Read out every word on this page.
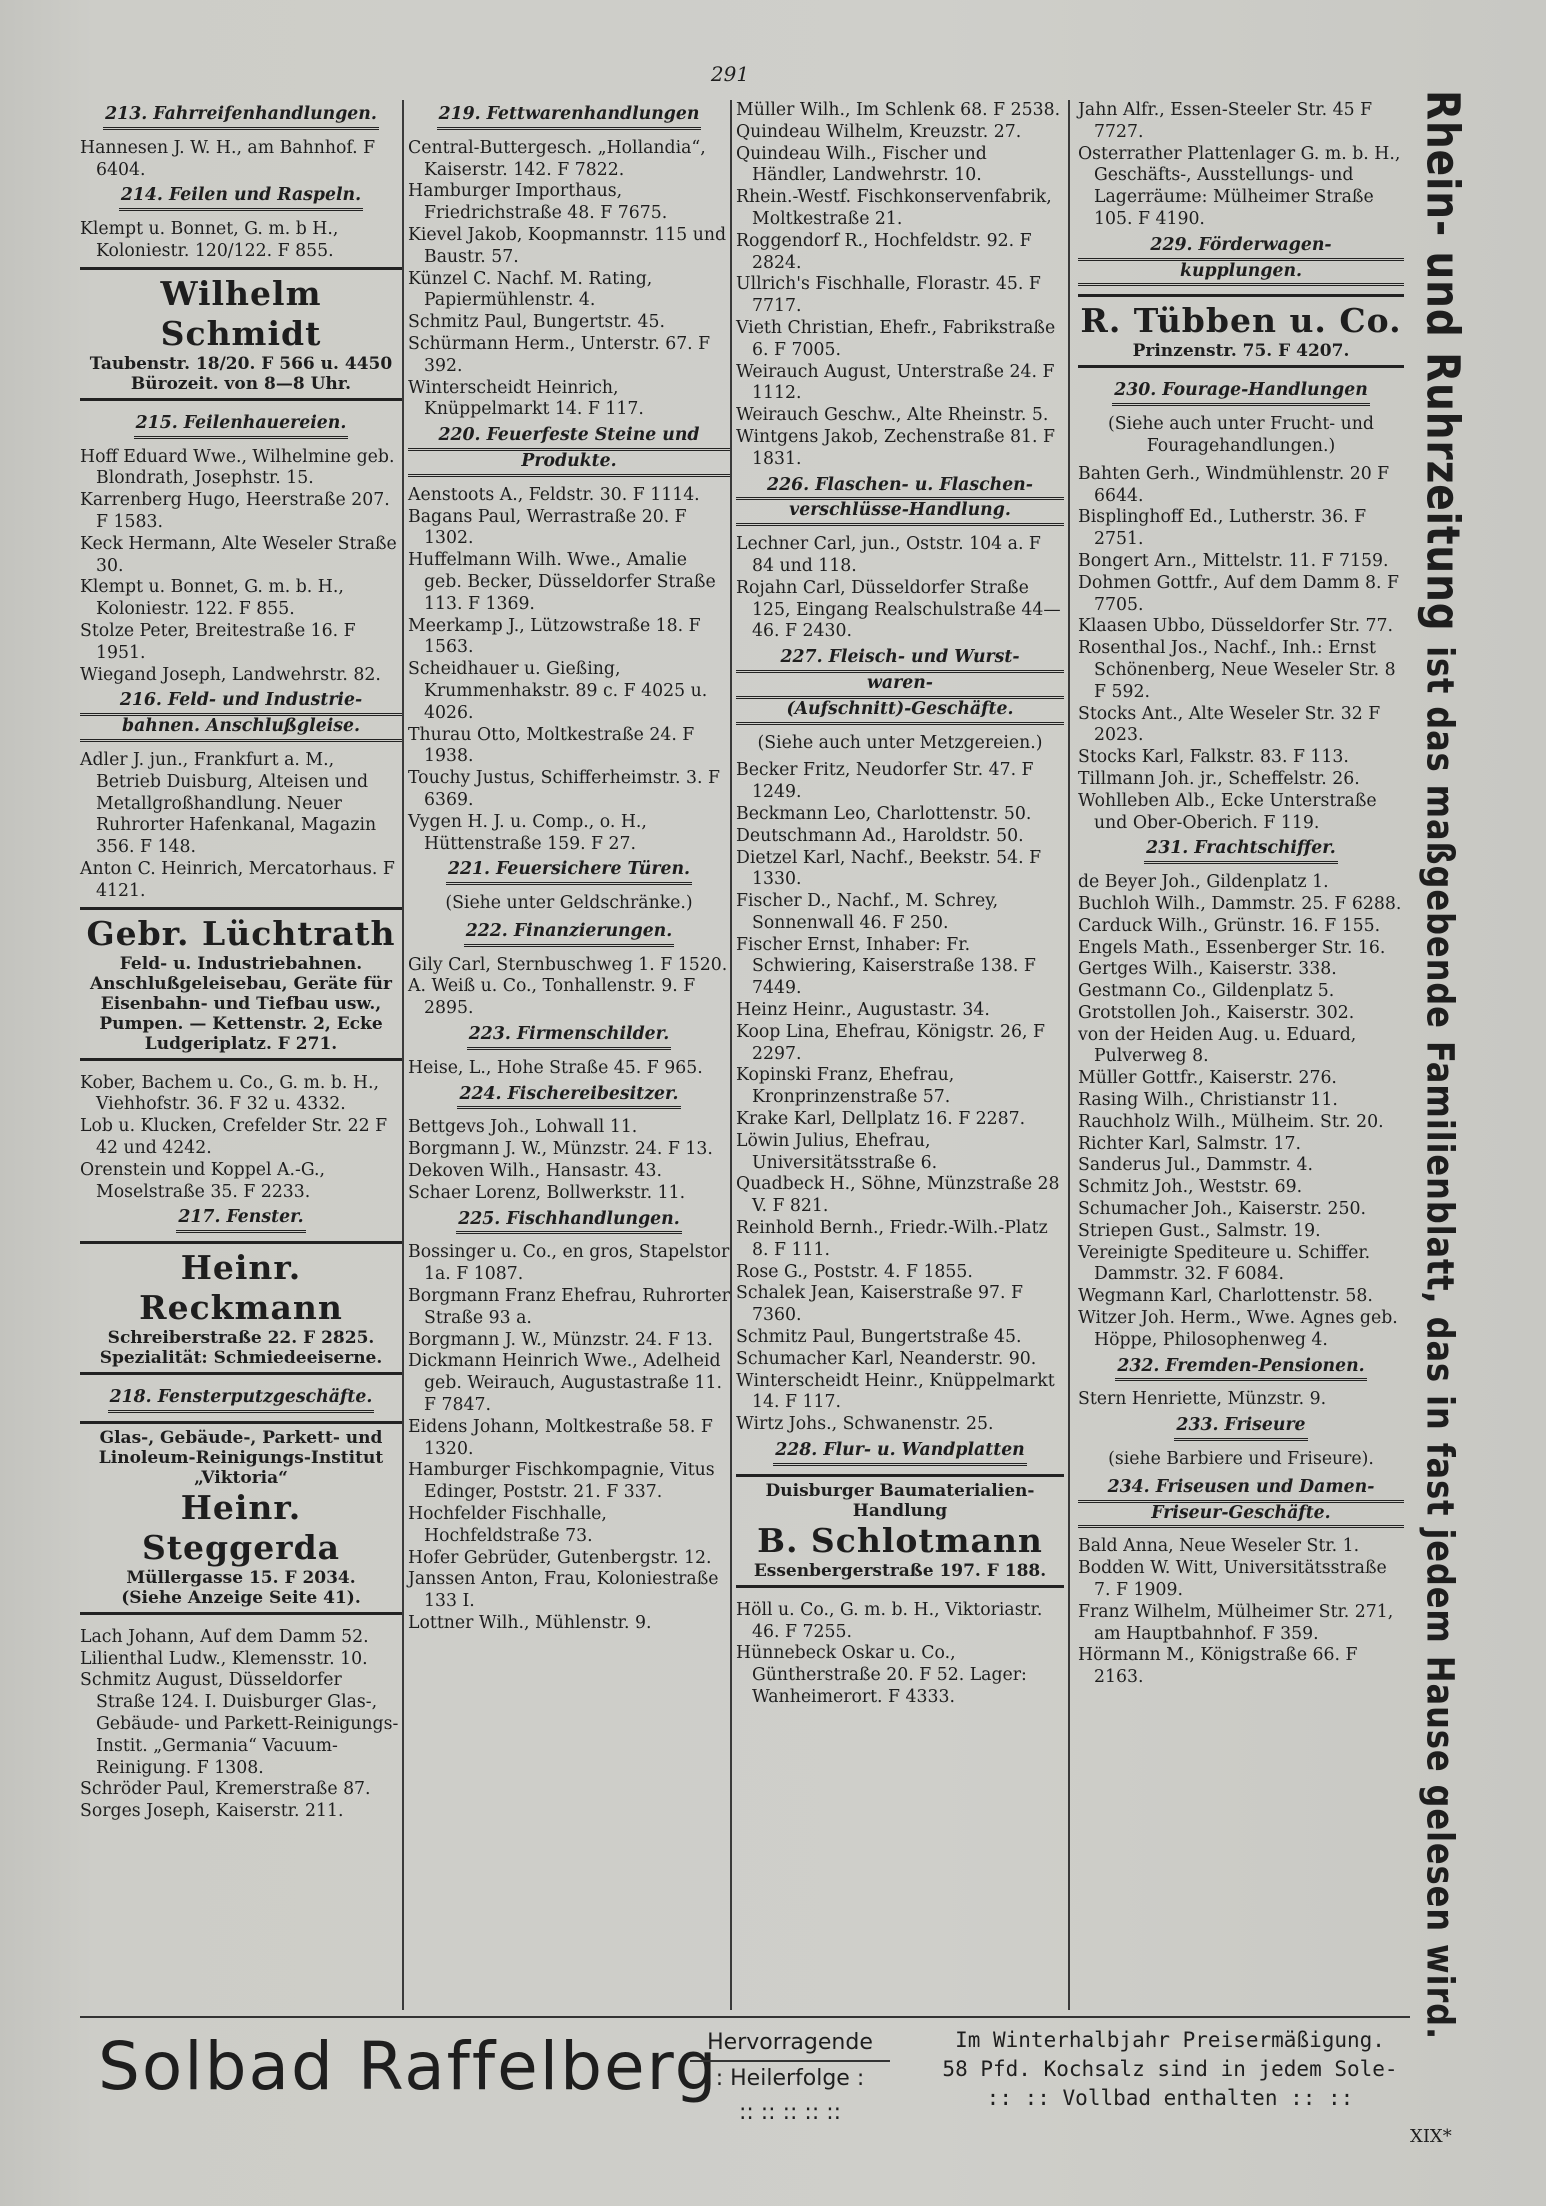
291
213. Fahrreifenhandlungen.

Hannesen J. W. H., am Bahnhof. F 6404.

214. Feilen und Raspeln.

Klempt u. Bonnet, G. m. b H., Koloniestr. 120/122. F 855.

Wilhelm Schmidt
Taubenstr. 18/20. F 566 u. 4450
Bürozeit. von 8—8 Uhr.
215. Feilenhauereien.

Hoff Eduard Wwe., Wilhelmine geb. Blondrath, Josephstr. 15.

Karrenberg Hugo, Heerstraße 207. F 1583.

Keck Hermann, Alte Weseler Straße 30.

Klempt u. Bonnet, G. m. b. H., Koloniestr. 122. F 855.

Stolze Peter, Breitestraße 16. F 1951.

Wiegand Joseph, Landwehrstr. 82.

216. Feld- und Industrie-
bahnen. Anschlußgleise.

Adler J. jun., Frankfurt a. M., Betrieb Duisburg, Alteisen und Metallgroßhandlung. Neuer Ruhrorter Hafenkanal, Magazin 356. F 148.

Anton C. Heinrich, Mercatorhaus. F 4121.

Gebr. Lüchtrath
Feld- u. Industriebahnen. Anschlußgeleisebau, Geräte für Eisenbahn- und Tiefbau usw., Pumpen. — Kettenstr. 2, Ecke Ludgeriplatz. F 271.

Kober, Bachem u. Co., G. m. b. H., Viehhofstr. 36. F 32 u. 4332.

Lob u. Klucken, Crefelder Str. 22 F 42 und 4242.

Orenstein und Koppel A.-G., Moselstraße 35. F 2233.

217. Fenster.
Heinr. Reckmann
Schreiberstraße 22. F 2825.
Spezialität: Schmiedeeiserne.
218. Fensterputzgeschäfte.
Glas-, Gebäude-, Parkett- und Linoleum-Reinigungs-Institut „Viktoria“
Heinr. Steggerda
Müllergasse 15. F 2034.
(Siehe Anzeige Seite 41).

Lach Johann, Auf dem Damm 52.

Lilienthal Ludw., Klemensstr. 10.

Schmitz August, Düsseldorfer Straße 124. I. Duisburger Glas-, Gebäude- und Parkett-Reinigungs-Instit. „Germania“ Vacuum-Reinigung. F 1308.

Schröder Paul, Kremerstraße 87.

Sorges Joseph, Kaiserstr. 211.

219. Fettwarenhandlungen

Central-Buttergesch. „Hollandia“, Kaiserstr. 142. F 7822.

Hamburger Importhaus, Friedrichstraße 48. F 7675.

Kievel Jakob, Koopmannstr. 115 und Baustr. 57.

Künzel C. Nachf. M. Rating, Papiermühlenstr. 4.

Schmitz Paul, Bungertstr. 45.

Schürmann Herm., Unterstr. 67. F 392.

Winterscheidt Heinrich, Knüppelmarkt 14. F 117.

220. Feuerfeste Steine und
Produkte.

Aenstoots A., Feldstr. 30. F 1114.

Bagans Paul, Werrastraße 20. F 1302.

Huffelmann Wilh. Wwe., Amalie geb. Becker, Düsseldorfer Straße 113. F 1369.

Meerkamp J., Lützowstraße 18. F 1563.

Scheidhauer u. Gießing, Krummenhakstr. 89 c. F 4025 u. 4026.

Thurau Otto, Moltkestraße 24. F 1938.

Touchy Justus, Schifferheimstr. 3. F 6369.

Vygen H. J. u. Comp., o. H., Hüttenstraße 159. F 27.

221. Feuersichere Türen.
(Siehe unter Geldschränke.)
222. Finanzierungen.

Gily Carl, Sternbuschweg 1. F 1520.

A. Weiß u. Co., Tonhallenstr. 9. F 2895.

223. Firmenschilder.

Heise, L., Hohe Straße 45. F 965.

224. Fischereibesitzer.

Bettgevs Joh., Lohwall 11.

Borgmann J. W., Münzstr. 24. F 13.

Dekoven Wilh., Hansastr. 43.

Schaer Lorenz, Bollwerkstr. 11.

225. Fischhandlungen.

Bossinger u. Co., en gros, Stapelstor 1a. F 1087.

Borgmann Franz Ehefrau, Ruhrorter Straße 93 a.

Borgmann J. W., Münzstr. 24. F 13.

Dickmann Heinrich Wwe., Adelheid geb. Weirauch, Augustastraße 11. F 7847.

Eidens Johann, Moltkestraße 58. F 1320.

Hamburger Fischkompagnie, Vitus Edinger, Poststr. 21. F 337.

Hochfelder Fischhalle, Hochfeldstraße 73.

Hofer Gebrüder, Gutenbergstr. 12.

Janssen Anton, Frau, Koloniestraße 133 I.

Lottner Wilh., Mühlenstr. 9.

Müller Wilh., Im Schlenk 68. F 2538.

Quindeau Wilhelm, Kreuzstr. 27.

Quindeau Wilh., Fischer und Händler, Landwehrstr. 10.

Rhein.-Westf. Fischkonservenfabrik, Moltkestraße 21.

Roggendorf R., Hochfeldstr. 92. F 2824.

Ullrich's Fischhalle, Florastr. 45. F 7717.

Vieth Christian, Ehefr., Fabrikstraße 6. F 7005.

Weirauch August, Unterstraße 24. F 1112.

Weirauch Geschw., Alte Rheinstr. 5.

Wintgens Jakob, Zechenstraße 81. F 1831.

226. Flaschen- u. Flaschen-
verschlüsse-Handlung.

Lechner Carl, jun., Oststr. 104 a. F 84 und 118.

Rojahn Carl, Düsseldorfer Straße 125, Eingang Realschulstraße 44—46. F 2430.

227. Fleisch- und Wurst-
waren-
(Aufschnitt)-Geschäfte.
(Siehe auch unter Metzgereien.)

Becker Fritz, Neudorfer Str. 47. F 1249.

Beckmann Leo, Charlottenstr. 50.

Deutschmann Ad., Haroldstr. 50.

Dietzel Karl, Nachf., Beekstr. 54. F 1330.

Fischer D., Nachf., M. Schrey, Sonnenwall 46. F 250.

Fischer Ernst, Inhaber: Fr. Schwiering, Kaiserstraße 138. F 7449.

Heinz Heinr., Augustastr. 34.

Koop Lina, Ehefrau, Königstr. 26, F 2297.

Kopinski Franz, Ehefrau, Kronprinzenstraße 57.

Krake Karl, Dellplatz 16. F 2287.

Löwin Julius, Ehefrau, Universitätsstraße 6.

Quadbeck H., Söhne, Münzstraße 28 V. F 821.

Reinhold Bernh., Friedr.-Wilh.-Platz 8. F 111.

Rose G., Poststr. 4. F 1855.

Schalek Jean, Kaiserstraße 97. F 7360.

Schmitz Paul, Bungertstraße 45.

Schumacher Karl, Neanderstr. 90.

Winterscheidt Heinr., Knüppelmarkt 14. F 117.

Wirtz Johs., Schwanenstr. 25.

228. Flur- u. Wandplatten
Duisburger Baumaterialien-Handlung
B. Schlotmann
Essenbergerstraße 197. F 188.

Höll u. Co., G. m. b. H., Viktoriastr. 46. F 7255.

Hünnebeck Oskar u. Co., Güntherstraße 20. F 52. Lager: Wanheimerort. F 4333.

Jahn Alfr., Essen-Steeler Str. 45 F 7727.

Osterrather Plattenlager G. m. b. H., Geschäfts-, Ausstellungs- und Lagerräume: Mülheimer Straße 105. F 4190.

229. Förderwagen-
kupplungen.
R. Tübben u. Co.
Prinzenstr. 75. F 4207.
230. Fourage-Handlungen
(Siehe auch unter Frucht- und Fouragehandlungen.)

Bahten Gerh., Windmühlenstr. 20 F 6644.

Bisplinghoff Ed., Lutherstr. 36. F 2751.

Bongert Arn., Mittelstr. 11. F 7159.

Dohmen Gottfr., Auf dem Damm 8. F 7705.

Klaasen Ubbo, Düsseldorfer Str. 77.

Rosenthal Jos., Nachf., Inh.: Ernst Schönenberg, Neue Weseler Str. 8 F 592.

Stocks Ant., Alte Weseler Str. 32 F 2023.

Stocks Karl, Falkstr. 83. F 113.

Tillmann Joh. jr., Scheffelstr. 26.

Wohlleben Alb., Ecke Unterstraße und Ober-Oberich. F 119.

231. Frachtschiffer.

de Beyer Joh., Gildenplatz 1.

Buchloh Wilh., Dammstr. 25. F 6288.

Carduck Wilh., Grünstr. 16. F 155.

Engels Math., Essenberger Str. 16.

Gertges Wilh., Kaiserstr. 338.

Gestmann Co., Gildenplatz 5.

Grotstollen Joh., Kaiserstr. 302.

von der Heiden Aug. u. Eduard, Pulverweg 8.

Müller Gottfr., Kaiserstr. 276.

Rasing Wilh., Christianstr 11.

Rauchholz Wilh., Mülheim. Str. 20.

Richter Karl, Salmstr. 17.

Sanderus Jul., Dammstr. 4.

Schmitz Joh., Weststr. 69.

Schumacher Joh., Kaiserstr. 250.

Striepen Gust., Salmstr. 19.

Vereinigte Spediteure u. Schiffer. Dammstr. 32. F 6084.

Wegmann Karl, Charlottenstr. 58.

Witzer Joh. Herm., Wwe. Agnes geb. Höppe, Philosophenweg 4.

232. Fremden-Pensionen.

Stern Henriette, Münzstr. 9.

233. Friseure
(siehe Barbiere und Friseure).
234. Friseusen und Damen-
Friseur-Geschäfte.

Bald Anna, Neue Weseler Str. 1.

Bodden W. Witt, Universitätsstraße 7. F 1909.

Franz Wilhelm, Mülheimer Str. 271, am Hauptbahnhof. F 359.

Hörmann M., Königstraße 66. F 2163.

Rhein- und Ruhrzeitung ist das maßgebende Familienblatt, das in fast jedem Hause gelesen wird.
Solbad Raffelberg
Hervorragende
: Heilerfolge :
:: :: :: :: ::
Im Winterhalbjahr Preisermäßigung.
58 Pfd. Kochsalz sind in jedem Sole-
:: :: Vollbad enthalten :: ::
XIX*
